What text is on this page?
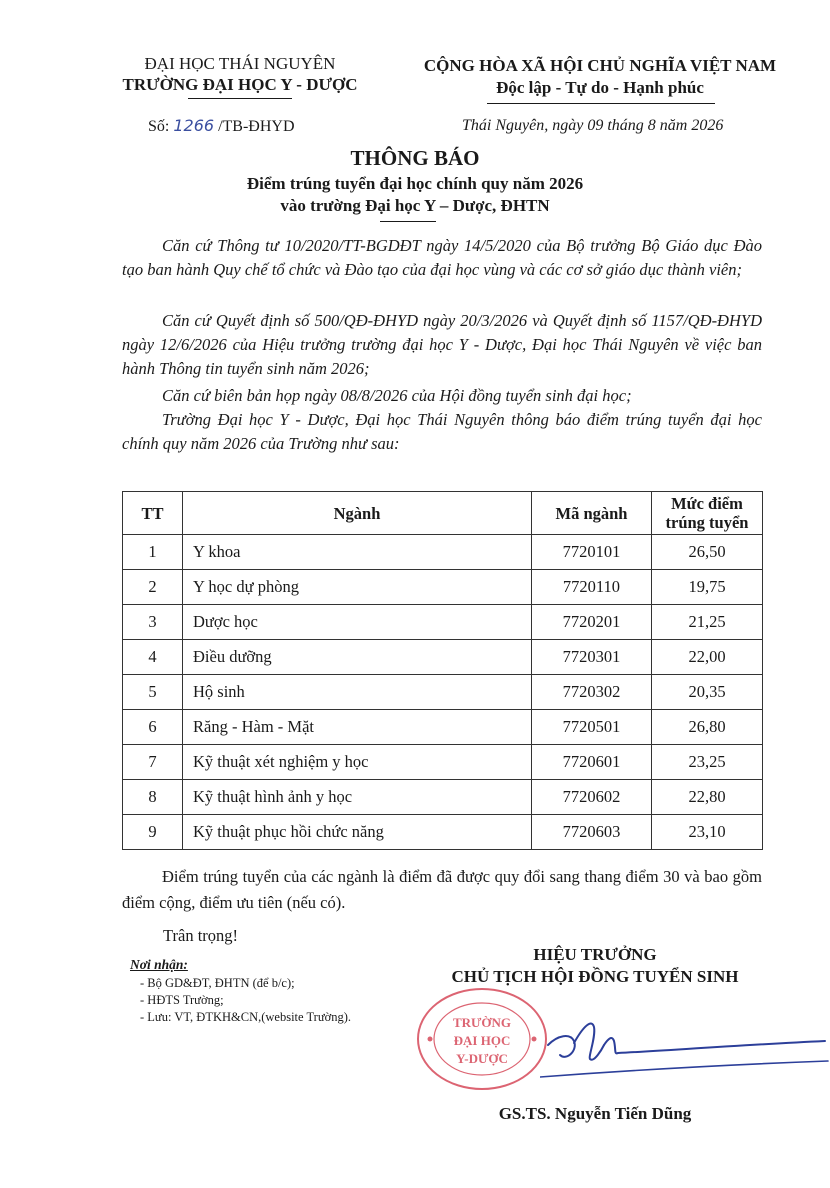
ĐẠI HỌC THÁI NGUYÊN
TRƯỜNG ĐẠI HỌC Y - DƯỢC
CỘNG HÒA XÃ HỘI CHỦ NGHĨA VIỆT NAM
Độc lập - Tự do - Hạnh phúc
Số: 1266 /TB-ĐHYD	Thái Nguyên, ngày 09 tháng 8 năm 2026
THÔNG BÁO
Điểm trúng tuyển đại học chính quy năm 2026
vào trường Đại học Y – Dược, ĐHTN
Căn cứ Thông tư 10/2020/TT-BGDĐT ngày 14/5/2020 của Bộ trưởng Bộ Giáo dục Đào tạo ban hành Quy chế tổ chức và Đào tạo của đại học vùng và các cơ sở giáo dục thành viên;
Căn cứ Quyết định số 500/QĐ-ĐHYD ngày 20/3/2026 và Quyết định số 1157/QĐ-ĐHYD ngày 12/6/2026 của Hiệu trưởng trường đại học Y - Dược, Đại học Thái Nguyên về việc ban hành Thông tin tuyển sinh năm 2026;
Căn cứ biên bản họp ngày 08/8/2026 của Hội đồng tuyển sinh đại học;
Trường Đại học Y - Dược, Đại học Thái Nguyên thông báo điểm trúng tuyển đại học chính quy năm 2026 của Trường như sau:
TT	Ngành	Mã ngành	Mức điểm trúng tuyển
1	Y khoa	7720101	26,50
2	Y học dự phòng	7720110	19,75
3	Dược học	7720201	21,25
4	Điều dưỡng	7720301	22,00
5	Hộ sinh	7720302	20,35
6	Răng - Hàm - Mặt	7720501	26,80
7	Kỹ thuật xét nghiệm y học	7720601	23,25
8	Kỹ thuật hình ảnh y học	7720602	22,80
9	Kỹ thuật phục hồi chức năng	7720603	23,10
Điểm trúng tuyển của các ngành là điểm đã được quy đổi sang thang điểm 30 và bao gồm điểm cộng, điểm ưu tiên (nếu có).
Trân trọng!
Nơi nhận:
- Bộ GD&ĐT, ĐHTN (để b/c);
- HĐTS Trường;
- Lưu: VT, ĐTKH&CN,(website Trường).	TRƯỜNG
ĐẠI HỌC
Y-DƯỢC
HIỆU TRƯỞNG
CHỦ TỊCH HỘI ĐỒNG TUYỂN SINH
GS.TS. Nguyễn Tiến Dũng
